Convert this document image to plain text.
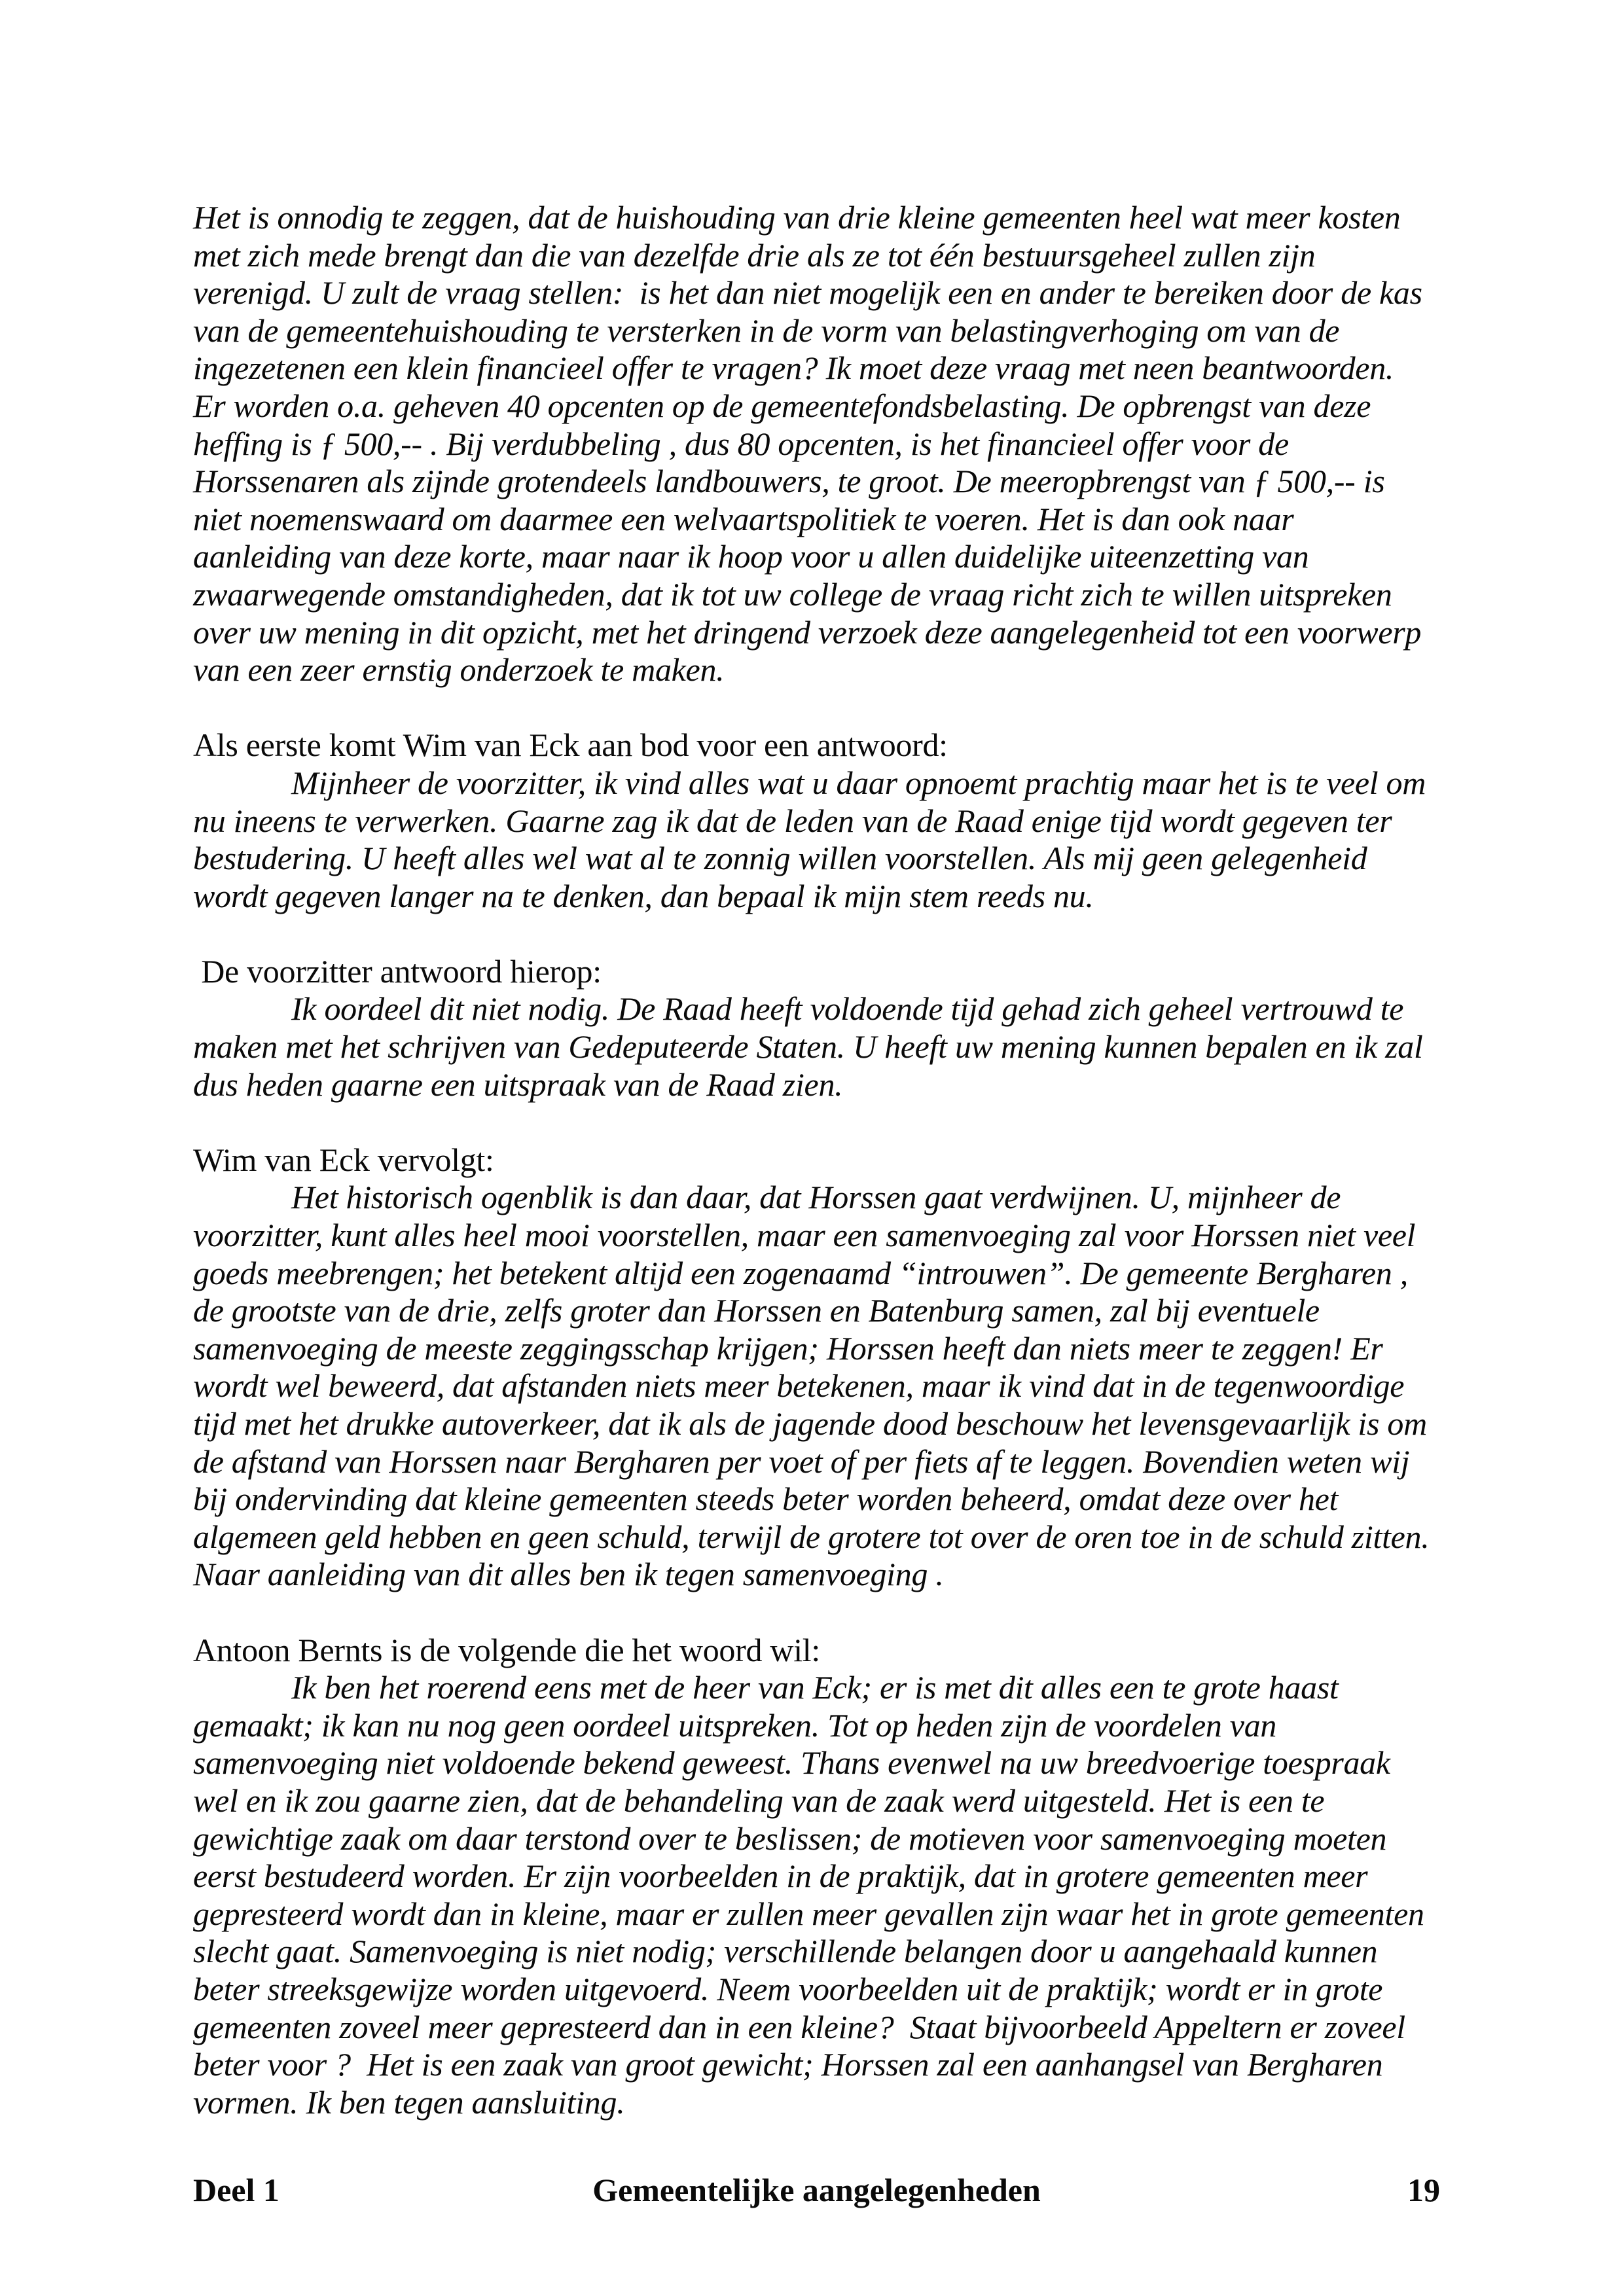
Het is onnodig te zeggen, dat de huishouding van drie kleine gemeenten heel wat meer kosten met zich mede brengt dan die van dezelfde drie als ze tot één bestuursgeheel zullen zijn verenigd. U zult de vraag stellen:  is het dan niet mogelijk een en ander te bereiken door de kas van de gemeentehuishouding te versterken in de vorm van belastingverhoging om van de ingezetenen een klein financieel offer te vragen? Ik moet deze vraag met neen beantwoorden. Er worden o.a. geheven 40 opcenten op de gemeentefondsbelasting. De opbrengst van deze heffing is ƒ 500,-- . Bij verdubbeling , dus 80 opcenten, is het financieel offer voor de Horssenaren als zijnde grotendeels landbouwers, te groot. De meeropbrengst van ƒ 500,-- is niet noemenswaard om daarmee een welvaartspolitiek te voeren. Het is dan ook naar aanleiding van deze korte, maar naar ik hoop voor u allen duidelijke uiteenzetting van zwaarwegende omstandigheden, dat ik tot uw college de vraag richt zich te willen uitspreken over uw mening in dit opzicht, met het dringend verzoek deze aangelegenheid tot een voorwerp van een zeer ernstig onderzoek te maken.

Als eerste komt Wim van Eck aan bod voor een antwoord:

Mijnheer de voorzitter, ik vind alles wat u daar opnoemt prachtig maar het is te veel om nu ineens te verwerken. Gaarne zag ik dat de leden van de Raad enige tijd wordt gegeven ter bestudering. U heeft alles wel wat al te zonnig willen voorstellen. Als mij geen gelegenheid wordt gegeven langer na te denken, dan bepaal ik mijn stem reeds nu.

De voorzitter antwoord hierop:

Ik oordeel dit niet nodig. De Raad heeft voldoende tijd gehad zich geheel vertrouwd te maken met het schrijven van Gedeputeerde Staten. U heeft uw mening kunnen bepalen en ik zal dus heden gaarne een uitspraak van de Raad zien.

Wim van Eck vervolgt:

Het historisch ogenblik is dan daar, dat Horssen gaat verdwijnen. U, mijnheer de voorzitter, kunt alles heel mooi voorstellen, maar een samenvoeging zal voor Horssen niet veel goeds meebrengen; het betekent altijd een zogenaamd “introuwen”. De gemeente Bergharen , de grootste van de drie, zelfs groter dan Horssen en Batenburg samen, zal bij eventuele samenvoeging de meeste zeggingsschap krijgen; Horssen heeft dan niets meer te zeggen! Er wordt wel beweerd, dat afstanden niets meer betekenen, maar ik vind dat in de tegenwoordige tijd met het drukke autoverkeer, dat ik als de jagende dood beschouw het levensgevaarlijk is om de afstand van Horssen naar Bergharen per voet of per fiets af te leggen. Bovendien weten wij bij ondervinding dat kleine gemeenten steeds beter worden beheerd, omdat deze over het algemeen geld hebben en geen schuld, terwijl de grotere tot over de oren toe in de schuld zitten. Naar aanleiding van dit alles ben ik tegen samenvoeging .

Antoon Bernts is de volgende die het woord wil:

Ik ben het roerend eens met de heer van Eck; er is met dit alles een te grote haast gemaakt; ik kan nu nog geen oordeel uitspreken. Tot op heden zijn de voordelen van samenvoeging niet voldoende bekend geweest. Thans evenwel na uw breedvoerige toespraak wel en ik zou gaarne zien, dat de behandeling van de zaak werd uitgesteld. Het is een te gewichtige zaak om daar terstond over te beslissen; de motieven voor samenvoeging moeten eerst bestudeerd worden. Er zijn voorbeelden in de praktijk, dat in grotere gemeenten meer gepresteerd wordt dan in kleine, maar er zullen meer gevallen zijn waar het in grote gemeenten slecht gaat. Samenvoeging is niet nodig; verschillende belangen door u aangehaald kunnen beter streeksgewijze worden uitgevoerd. Neem voorbeelden uit de praktijk; wordt er in grote gemeenten zoveel meer gepresteerd dan in een kleine?  Staat bijvoorbeeld Appeltern er zoveel beter voor ?  Het is een zaak van groot gewicht; Horssen zal een aanhangsel van Bergharen vormen. Ik ben tegen aansluiting.

Deel 1	Gemeentelijke aangelegenheden	19
